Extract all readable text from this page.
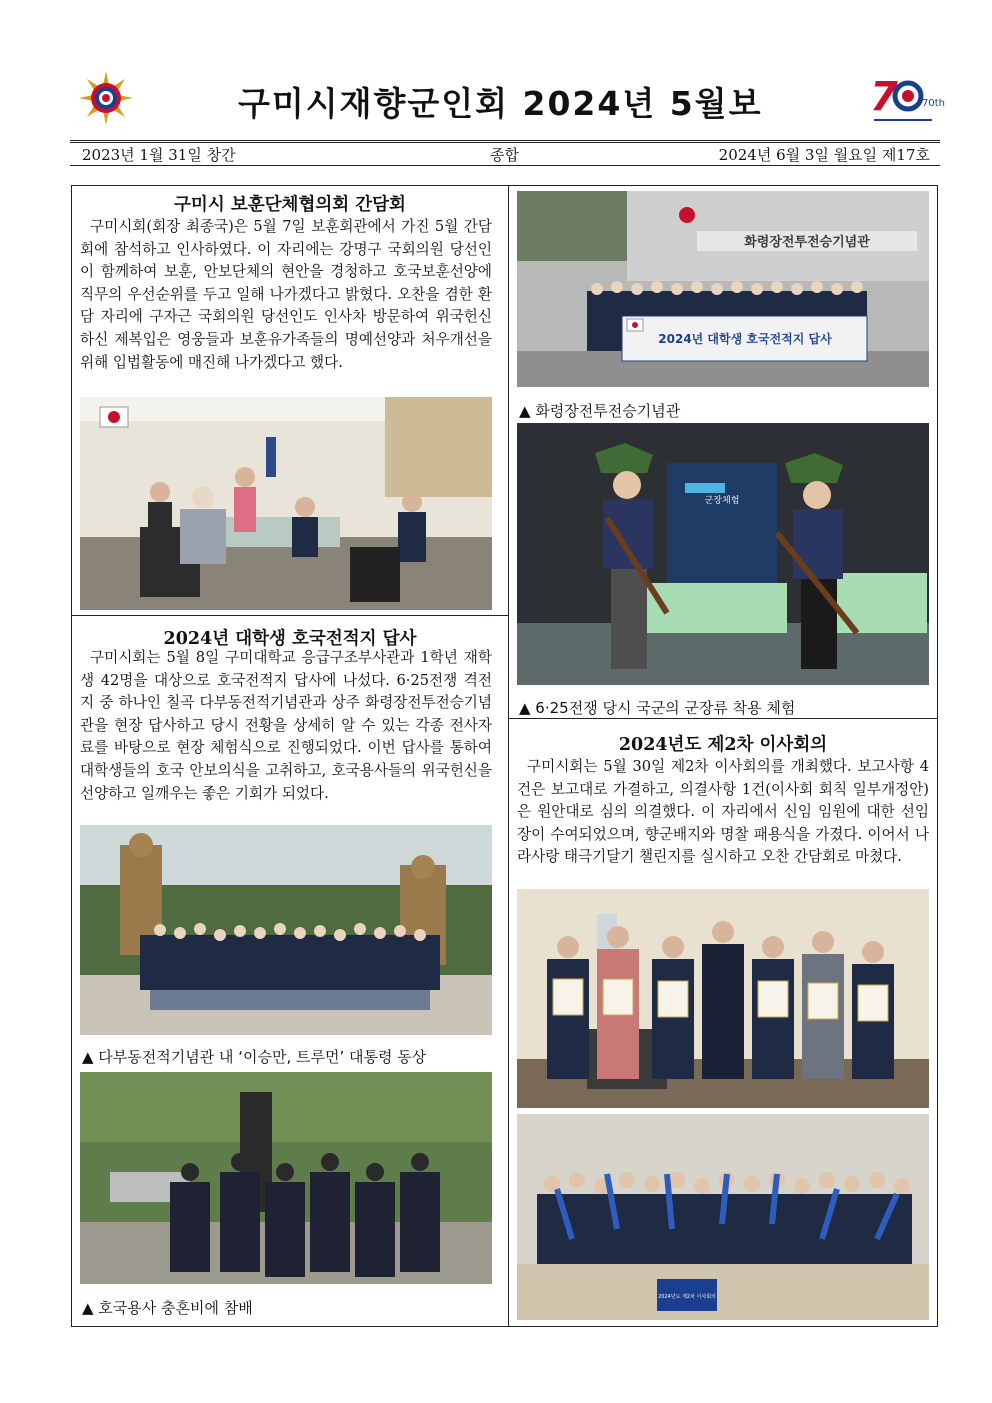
구미시재향군인회 2024년 5월보	7 70th
2023년 1월 31일 창간	종합	2024년 6월 3일 월요일 제17호
구미시 보훈단체협의회 간담회
구미시회(회장 최종국)은 5월 7일 보훈회관에서 가진 5월 간담회에 참석하고 인사하였다. 이 자리에는 강명구 국회의원 당선인이 함께하여 보훈, 안보단체의 현안을 경청하고 호국보훈선양에 직무의 우선순위를 두고 일해 나가겠다고 밝혔다. 오찬을 겸한 환담 자리에 구자근 국회의원 당선인도 인사차 방문하여 위국헌신하신 제복입은 영웅들과 보훈유가족들의 명예선양과 처우개선을 위해 입법활동에 매진해 나가겠다고 했다.
2024년 대학생 호국전적지 답사
구미시회는 5월 8일 구미대학교 응급구조부사관과 1학년 재학생 42명을 대상으로 호국전적지 답사에 나섰다. 6·25전쟁 격전지 중 하나인 칠곡 다부동전적기념관과 상주 화령장전투전승기념관을 현장 답사하고 당시 전황을 상세히 알 수 있는 각종 전사자료를 바탕으로 현장 체험식으로 진행되었다. 이번 답사를 통하여 대학생들의 호국 안보의식을 고취하고, 호국용사들의 위국헌신을 선양하고 일깨우는 좋은 기회가 되었다.
▲ 다부동전적기념관 내 ‘이승만, 트루먼’ 대통령 동상
▲ 호국용사 충혼비에 참배
화령장전투전승기념관
2024년 대학생 호국전적지 답사
▲ 화령장전투전승기념관
군장체험
▲ 6·25전쟁 당시 국군의 군장류 착용 체험
2024년도 제2차 이사회의
구미시회는 5월 30일 제2차 이사회의를 개최했다. 보고사항 4건은 보고대로 가결하고, 의결사항 1건(이사회 회칙 일부개정안)은 원안대로 심의 의결했다. 이 자리에서 신임 임원에 대한 선임장이 수여되었으며, 향군배지와 명찰 패용식을 가졌다. 이어서 나라사랑 태극기달기 챌린지를 실시하고 오찬 간담회로 마쳤다.
2024년도 제2차 이사회의
